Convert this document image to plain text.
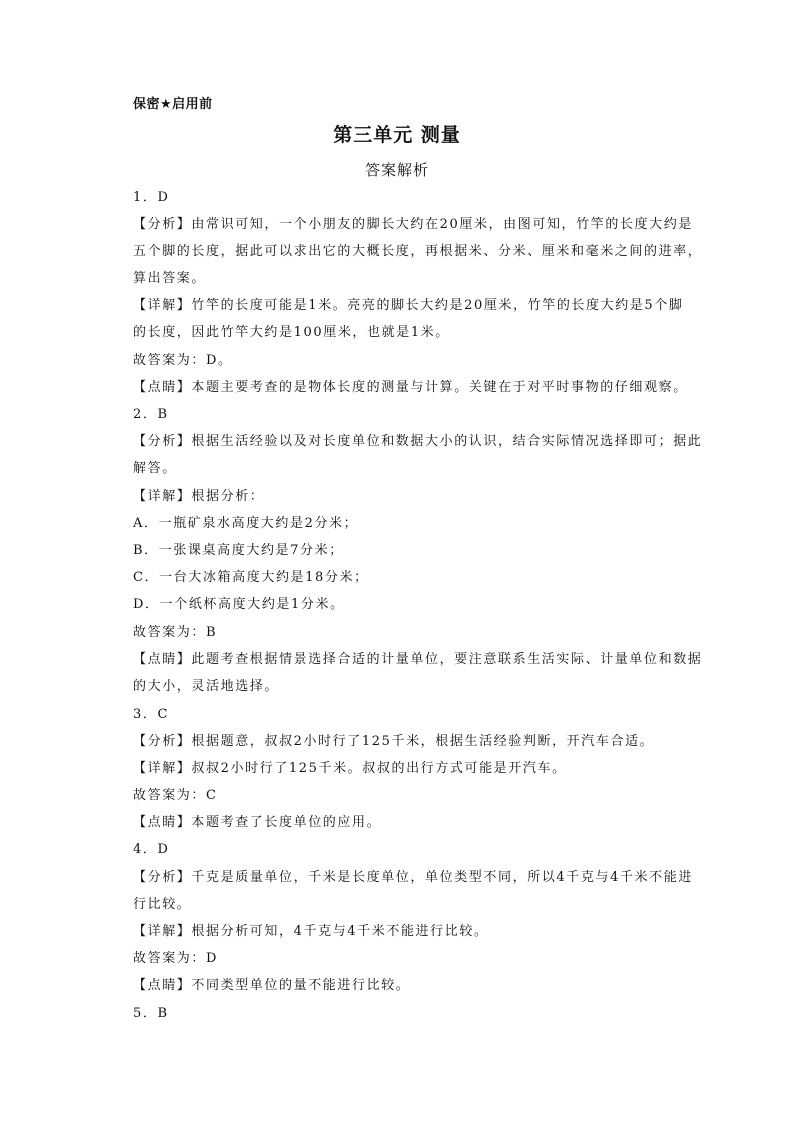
保密★启用前
第三单元 测量
答案解析
1．D
【分析】由常识可知，一个小朋友的脚长大约在20厘米，由图可知，竹竿的长度大约是
五个脚的长度，据此可以求出它的大概长度，再根据米、分米、厘米和毫米之间的进率，
算出答案。
【详解】竹竿的长度可能是1米。亮亮的脚长大约是20厘米，竹竿的长度大约是5个脚
的长度，因此竹竿大约是100厘米，也就是1米。
故答案为：D。
【点睛】本题主要考查的是物体长度的测量与计算。关键在于对平时事物的仔细观察。
2．B
【分析】根据生活经验以及对长度单位和数据大小的认识，结合实际情况选择即可；据此
解答。
【详解】根据分析：
A．一瓶矿泉水高度大约是2分米；
B．一张课桌高度大约是7分米；
C．一台大冰箱高度大约是18分米；
D．一个纸杯高度大约是1分米。
故答案为：B
【点睛】此题考查根据情景选择合适的计量单位，要注意联系生活实际、计量单位和数据
的大小，灵活地选择。
3．C
【分析】根据题意，叔叔2小时行了125千米，根据生活经验判断，开汽车合适。
【详解】叔叔2小时行了125千米。叔叔的出行方式可能是开汽车。
故答案为：C
【点睛】本题考查了长度单位的应用。
4．D
【分析】千克是质量单位，千米是长度单位，单位类型不同，所以4千克与4千米不能进
行比较。
【详解】根据分析可知，4千克与4千米不能进行比较。
故答案为：D
【点睛】不同类型单位的量不能进行比较。
5．B
